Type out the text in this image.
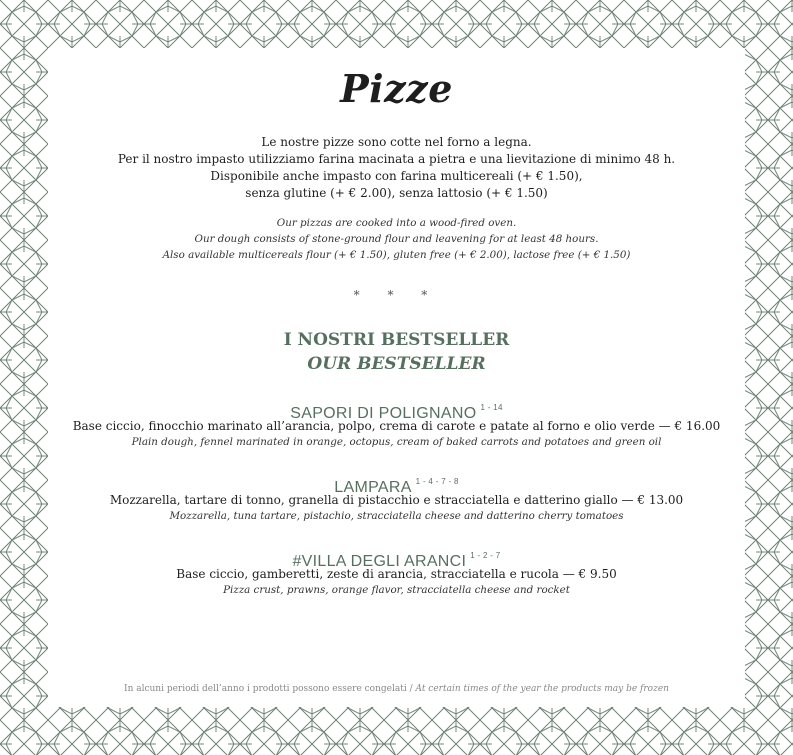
Pizze
Le nostre pizze sono cotte nel forno a legna.
Per il nostro impasto utilizziamo farina macinata a pietra e una lievitazione di minimo 48 h.
Disponibile anche impasto con farina multicereali (+ € 1.50),
senza glutine (+ € 2.00), senza lattosio (+ € 1.50)
Our pizzas are cooked into a wood-fired oven.
Our dough consists of stone-ground flour and leavening for at least 48 hours.
Also available multicereals flour (+ € 1.50), gluten free (+ € 2.00), lactose free (+ € 1.50)
* * *
I NOSTRI BESTSELLER
OUR BESTSELLER
SAPORI DI POLIGNANO $^{1 - 14}$
Base ciccio, finocchio marinato all’arancia, polpo, crema di carote e patate al forno e olio verde — € 16.00
Plain dough, fennel marinated in orange, octopus, cream of baked carrots and potatoes and green oil
LAMPARA $^{1 - 4 - 7 - 8}$
Mozzarella, tartare di tonno, granella di pistacchio e stracciatella e datterino giallo — € 13.00
Mozzarella, tuna tartare, pistachio, stracciatella cheese and datterino cherry tomatoes
#VILLA DEGLI ARANCI $^{1 - 2 - 7}$
Base ciccio, gamberetti, zeste di arancia, stracciatella e rucola — € 9.50
Pizza crust, prawns, orange flavor, stracciatella cheese and rocket
In alcuni periodi dell’anno i prodotti possono essere congelati / At certain times of the year the products may be frozen
